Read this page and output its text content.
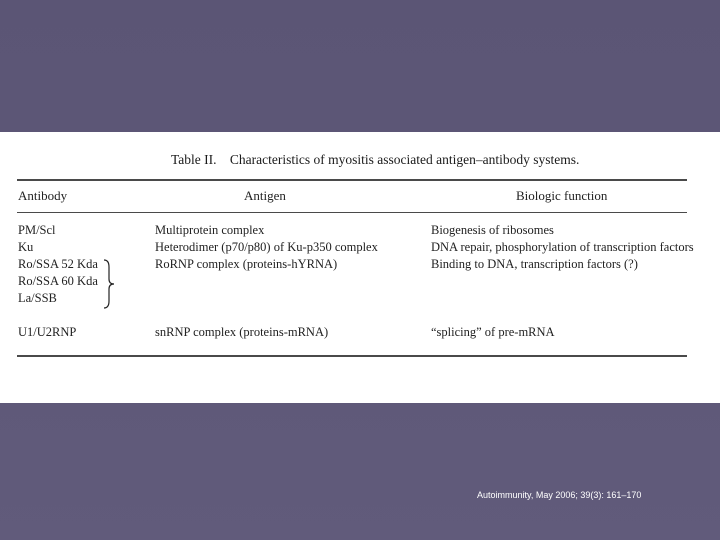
Table II. Characteristics of myositis associated antigen–antibody systems.
Antibody	Antigen	Biologic function
PM/Scl	Multiprotein complex	Biogenesis of ribosomes
Ku	Heterodimer (p70/p80) of Ku-p350 complex	DNA repair, phosphorylation of transcription factors
Ro/SSA 52 Kda	RoRNP complex (proteins-hYRNA)	Binding to DNA, transcription factors (?)
Ro/SSA 60 Kda
La/SSB
U1/U2RNP	snRNP complex (proteins-mRNA)	“splicing” of pre-mRNA
Autoimmunity, May 2006; 39(3): 161–170
